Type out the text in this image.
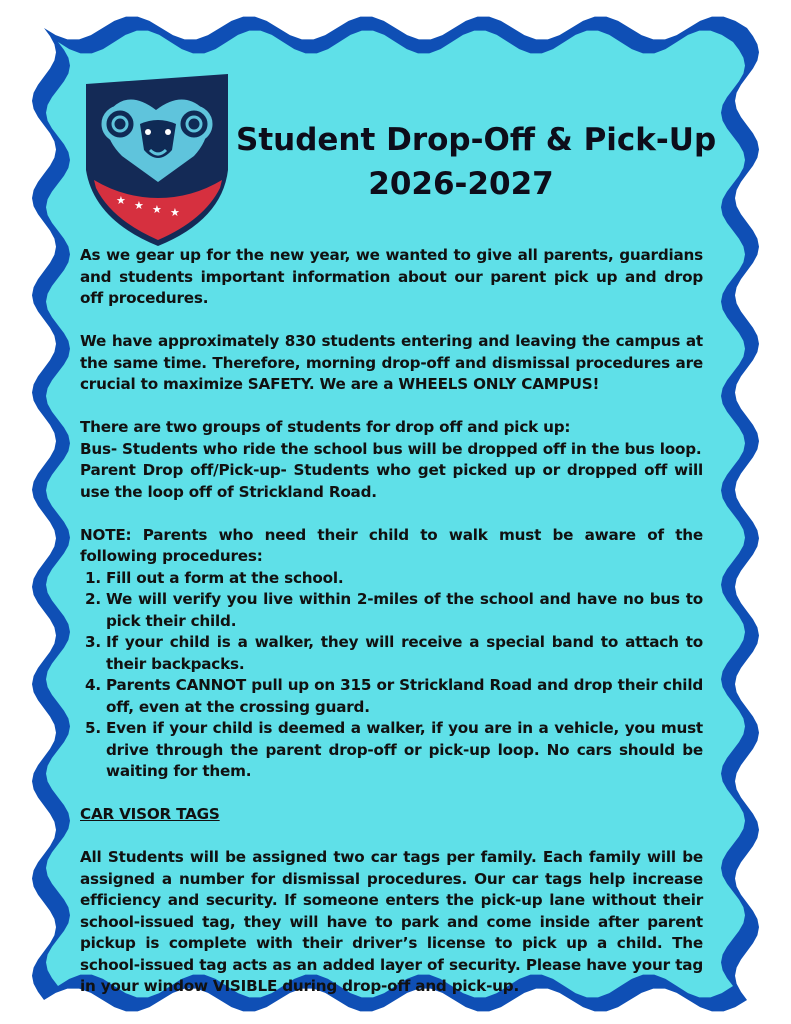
★ ★ ★ ★
Student Drop-Off & Pick-Up
2026-2027

As we gear up for the new year, we wanted to give all parents, guardians and students important information about our parent pick up and drop off procedures.

We have approximately 830 students entering and leaving the campus at the same time. Therefore, morning drop-off and dismissal procedures are crucial to maximize SAFETY. We are a WHEELS ONLY CAMPUS!

There are two groups of students for drop off and pick up:

Bus- Students who ride the school bus will be dropped off in the bus loop.

Parent Drop off/Pick-up- Students who get picked up or dropped off will use the loop off of Strickland Road.

NOTE: Parents who need their child to walk must be aware of the following procedures:

1. Fill out a form at the school.
2. We will verify you live within 2-miles of the school and have no bus to pick their child.
3. If your child is a walker, they will receive a special band to attach to their backpacks.
4. Parents CANNOT pull up on 315 or Strickland Road and drop their child off, even at the crossing guard.
5. Even if your child is deemed a walker, if you are in a vehicle, you must drive through the parent drop-off or pick-up loop. No cars should be waiting for them.

CAR VISOR TAGS

All Students will be assigned two car tags per family. Each family will be assigned a number for dismissal procedures. Our car tags help increase efficiency and security. If someone enters the pick-up lane without their school-issued tag, they will have to park and come inside after parent pickup is complete with their driver’s license to pick up a child. The school-issued tag acts as an added layer of security. Please have your tag in your window VISIBLE during drop-off and pick-up.
